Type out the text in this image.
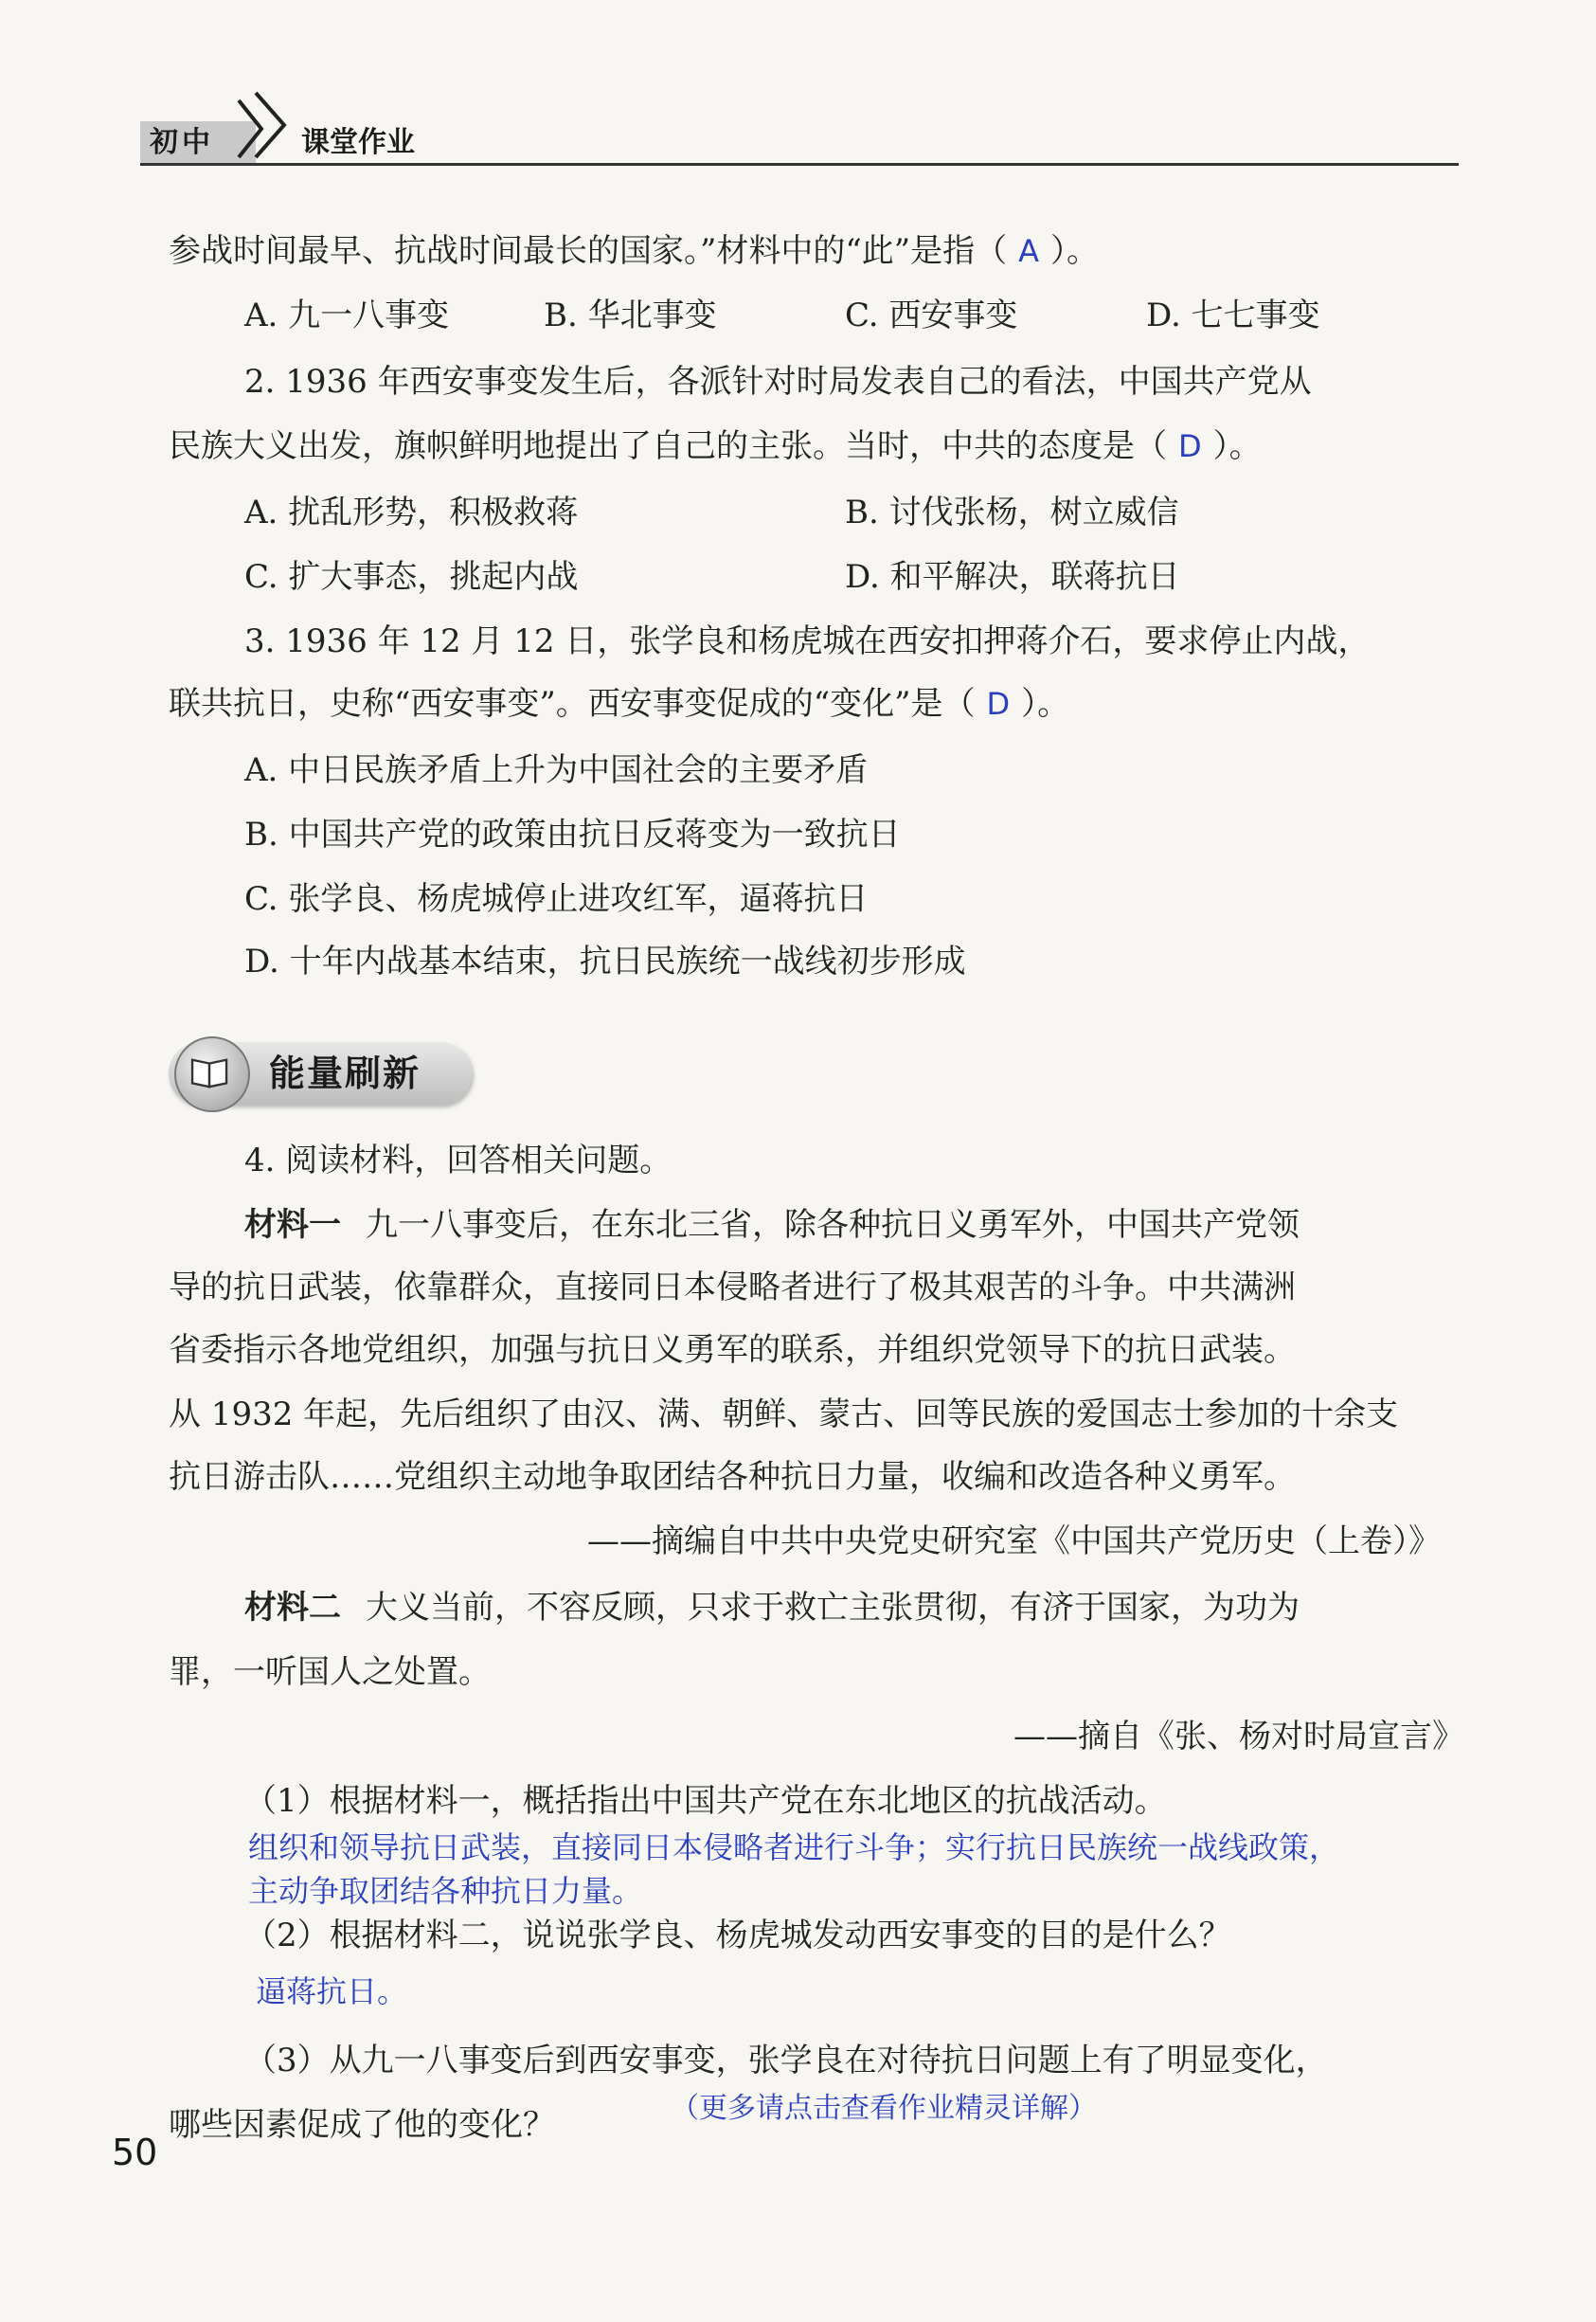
初中	课堂作业
参战时间最早、抗战时间最长的国家。”材料中的“此”是指（ A ）。
A. 九一八事变	B. 华北事变	C. 西安事变	D. 七七事变
2. 1936 年西安事变发生后，各派针对时局发表自己的看法，中国共产党从
民族大义出发，旗帜鲜明地提出了自己的主张。当时，中共的态度是（ D ）。
A. 扰乱形势，积极救蒋	B. 讨伐张杨，树立威信
C. 扩大事态，挑起内战	D. 和平解决，联蒋抗日
3. 1936 年 12 月 12 日，张学良和杨虎城在西安扣押蒋介石，要求停止内战，
联共抗日，史称“西安事变”。西安事变促成的“变化”是（ D ）。
A. 中日民族矛盾上升为中国社会的主要矛盾
B. 中国共产党的政策由抗日反蒋变为一致抗日
C. 张学良、杨虎城停止进攻红军，逼蒋抗日
D. 十年内战基本结束，抗日民族统一战线初步形成
能量刷新
4. 阅读材料，回答相关问题。
材料一 九一八事变后，在东北三省，除各种抗日义勇军外，中国共产党领
导的抗日武装，依靠群众，直接同日本侵略者进行了极其艰苦的斗争。中共满洲
省委指示各地党组织，加强与抗日义勇军的联系，并组织党领导下的抗日武装。
从 1932 年起，先后组织了由汉、满、朝鲜、蒙古、回等民族的爱国志士参加的十余支
抗日游击队……党组织主动地争取团结各种抗日力量，收编和改造各种义勇军。
——摘编自中共中央党史研究室《中国共产党历史（上卷）》
材料二 大义当前，不容反顾，只求于救亡主张贯彻，有济于国家，为功为
罪，一听国人之处置。
——摘自《张、杨对时局宣言》
（1）根据材料一，概括指出中国共产党在东北地区的抗战活动。
组织和领导抗日武装，直接同日本侵略者进行斗争；实行抗日民族统一战线政策，
主动争取团结各种抗日力量。
（2）根据材料二，说说张学良、杨虎城发动西安事变的目的是什么？
逼蒋抗日。
（3）从九一八事变后到西安事变，张学良在对待抗日问题上有了明显变化，
哪些因素促成了他的变化？	（更多请点击查看作业精灵详解）
50
